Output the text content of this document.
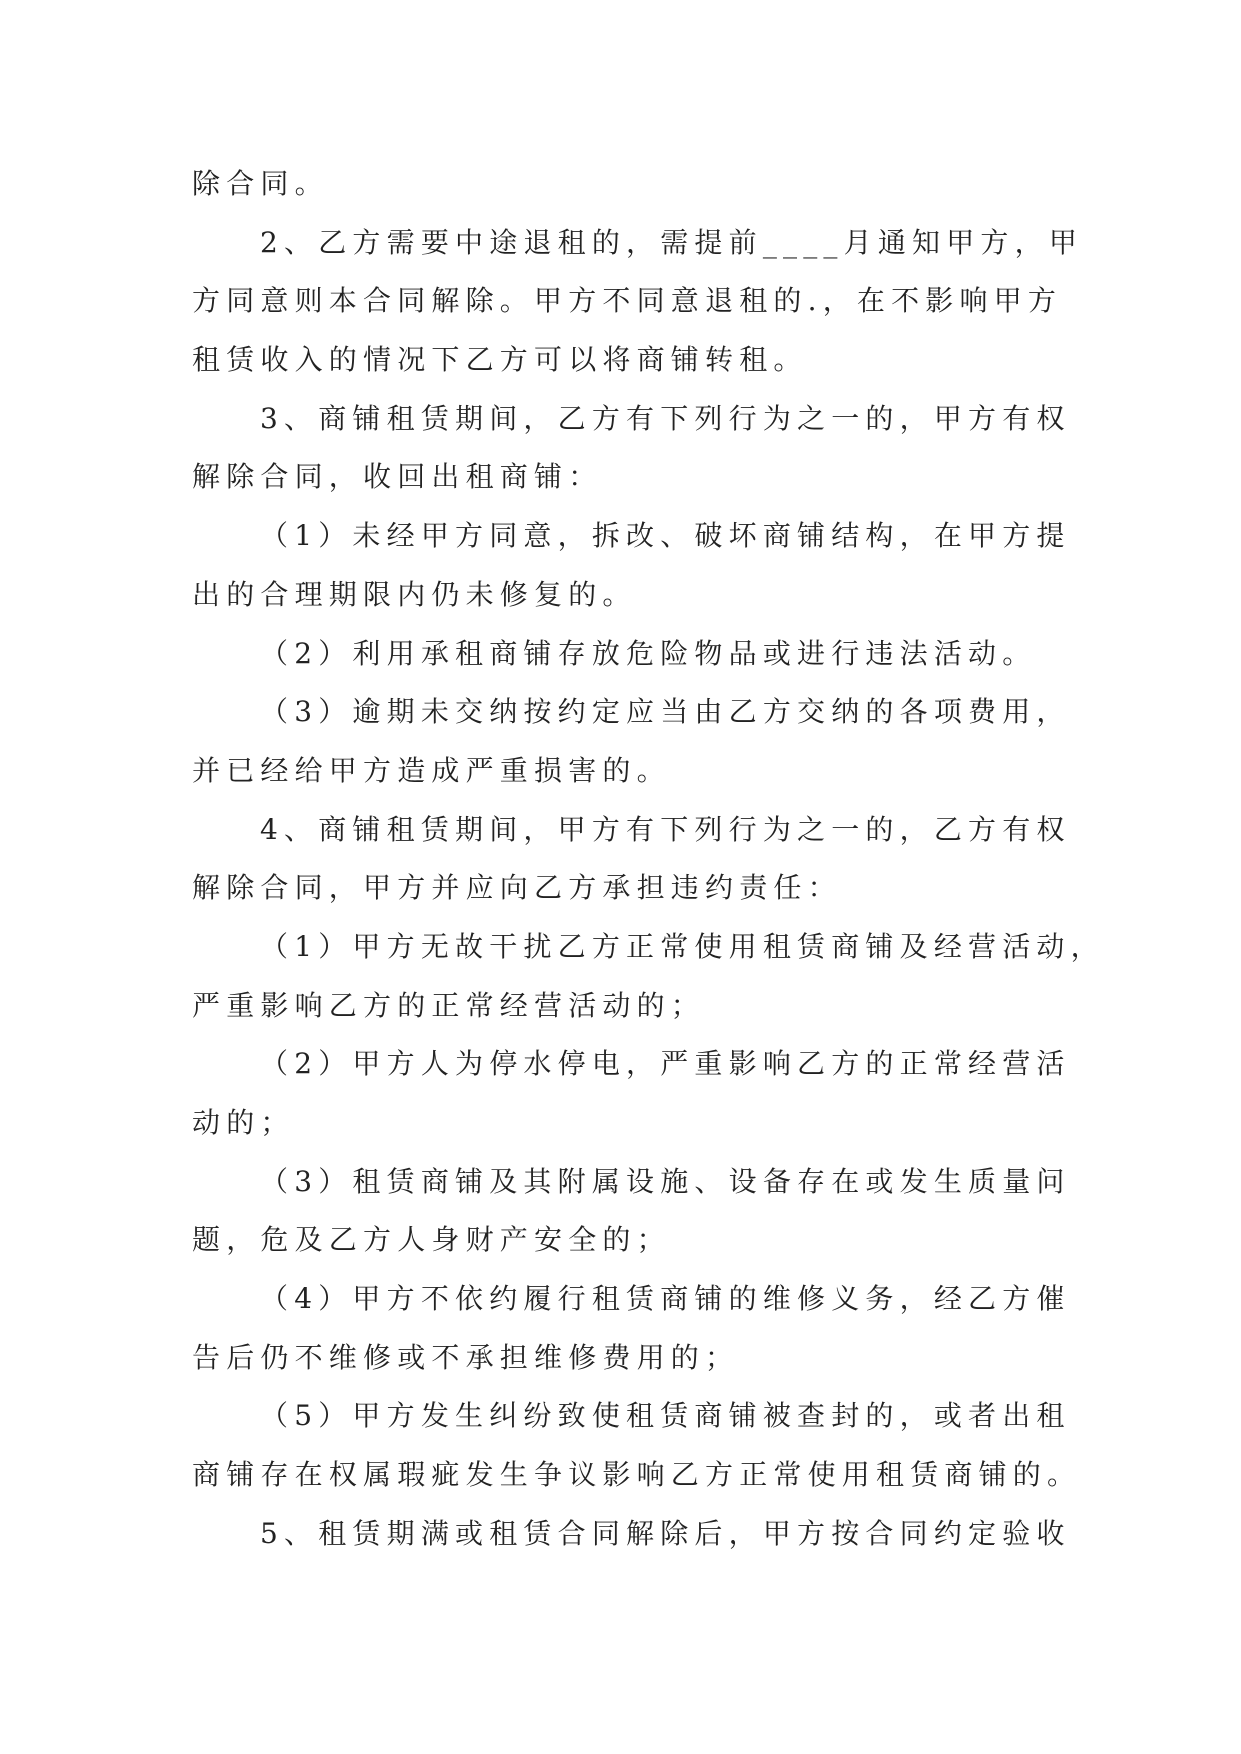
除合同。
2、乙方需要中途退租的，需提前____月通知甲方，甲
方同意则本合同解除。甲方不同意退租的.，在不影响甲方
租赁收入的情况下乙方可以将商铺转租。
3、商铺租赁期间，乙方有下列行为之一的，甲方有权
解除合同，收回出租商铺：
（1）未经甲方同意，拆改、破坏商铺结构，在甲方提
出的合理期限内仍未修复的。
（2）利用承租商铺存放危险物品或进行违法活动。
（3）逾期未交纳按约定应当由乙方交纳的各项费用，
并已经给甲方造成严重损害的。
4、商铺租赁期间，甲方有下列行为之一的，乙方有权
解除合同，甲方并应向乙方承担违约责任：
（1）甲方无故干扰乙方正常使用租赁商铺及经营活动，
严重影响乙方的正常经营活动的；
（2）甲方人为停水停电，严重影响乙方的正常经营活
动的；
（3）租赁商铺及其附属设施、设备存在或发生质量问
题，危及乙方人身财产安全的；
（4）甲方不依约履行租赁商铺的维修义务，经乙方催
告后仍不维修或不承担维修费用的；
（5）甲方发生纠纷致使租赁商铺被查封的，或者出租
商铺存在权属瑕疵发生争议影响乙方正常使用租赁商铺的。
5、租赁期满或租赁合同解除后，甲方按合同约定验收
